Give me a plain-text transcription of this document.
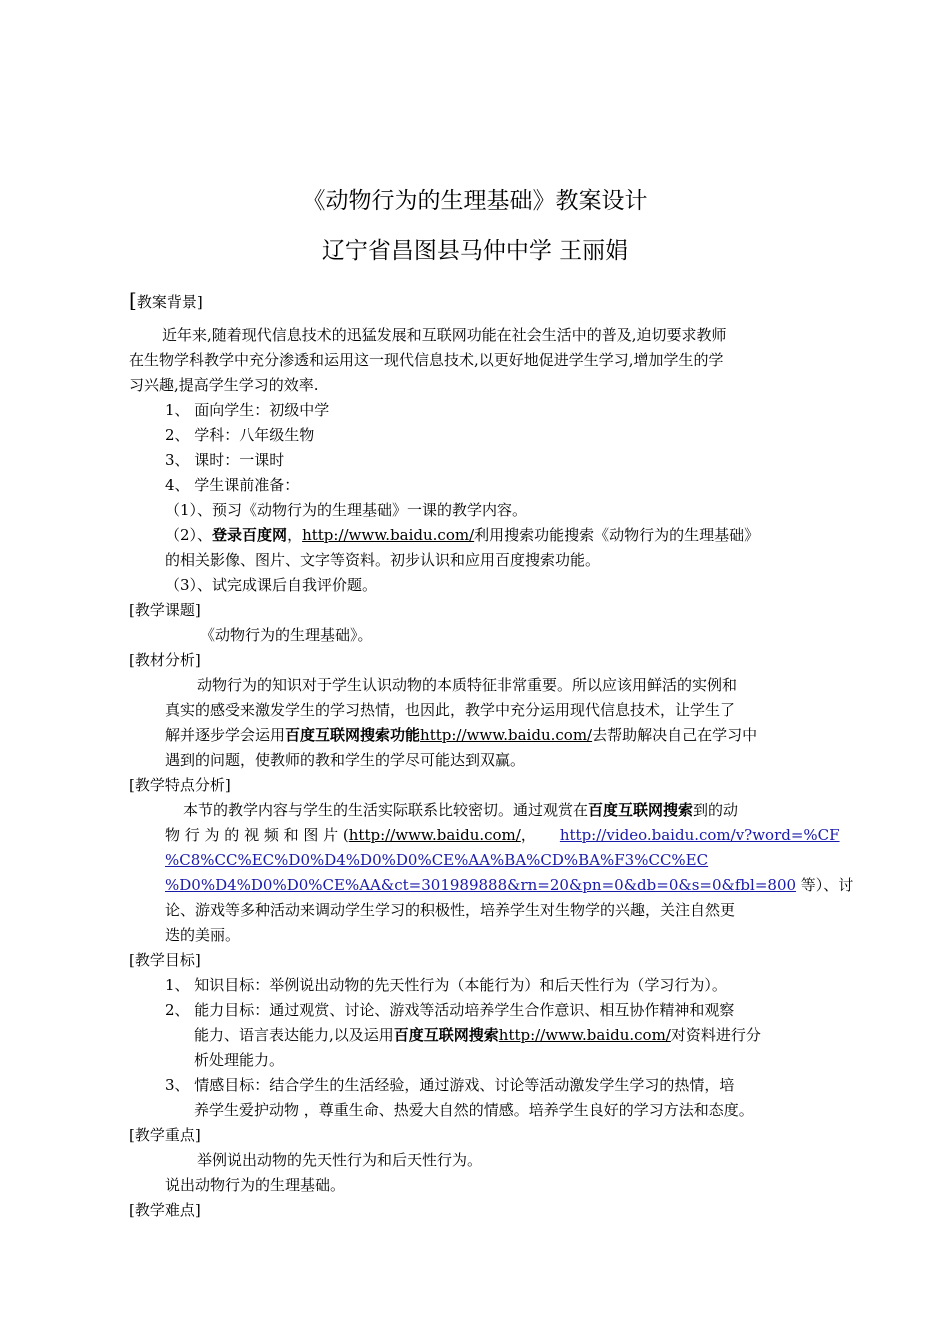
《动物行为的生理基础》教案设计
辽宁省昌图县马仲中学 王丽娟
[教案背景]
近年来,随着现代信息技术的迅猛发展和互联网功能在社会生活中的普及,迫切要求教师
在生物学科教学中充分渗透和运用这一现代信息技术,以更好地促进学生学习,增加学生的学
习兴趣,提高学生学习的效率.
1、 面向学生：初级中学
2、 学科：八年级生物
3、 课时：一课时
4、 学生课前准备：
（1）、预习《动物行为的生理基础》一课的教学内容。
（2）、登录百度网，http://www.baidu.com/利用搜索功能搜索《动物行为的生理基础》
的相关影像、图片、文字等资料。初步认识和应用百度搜索功能。
（3）、试完成课后自我评价题。
[教学课题]
《动物行为的生理基础》。
[教材分析]
动物行为的知识对于学生认识动物的本质特征非常重要。所以应该用鲜活的实例和
真实的感受来激发学生的学习热情，也因此，教学中充分运用现代信息技术，让学生了
解并逐步学会运用百度互联网搜索功能http://www.baidu.com/去帮助解决自己在学习中
遇到的问题，使教师的教和学生的学尽可能达到双赢。
[教学特点分析]
本节的教学内容与学生的生活实际联系比较密切。通过观赏在百度互联网搜索到的动
物 行 为 的 视 频 和 图 片 (http://www.baidu.com/， http://video.baidu.com/v?word=%CF
%C8%CC%EC%D0%D4%D0%D0%CE%AA%BA%CD%BA%F3%CC%EC
%D0%D4%D0%D0%CE%AA&ct=301989888&rn=20&pn=0&db=0&s=0&fbl=800 等）、讨
论、游戏等多种活动来调动学生学习的积极性，培养学生对生物学的兴趣，关注自然更
迭的美丽。
[教学目标]
1、 知识目标：举例说出动物的先天性行为（本能行为）和后天性行为（学习行为）。
2、 能力目标：通过观赏、讨论、游戏等活动培养学生合作意识、相互协作精神和观察
能力、语言表达能力,以及运用百度互联网搜索http://www.baidu.com/对资料进行分
析处理能力。
3、 情感目标：结合学生的生活经验，通过游戏、讨论等活动激发学生学习的热情，培
养学生爱护动物 ，尊重生命、热爱大自然的情感。培养学生良好的学习方法和态度。
[教学重点]
举例说出动物的先天性行为和后天性行为。
说出动物行为的生理基础。
[教学难点]
